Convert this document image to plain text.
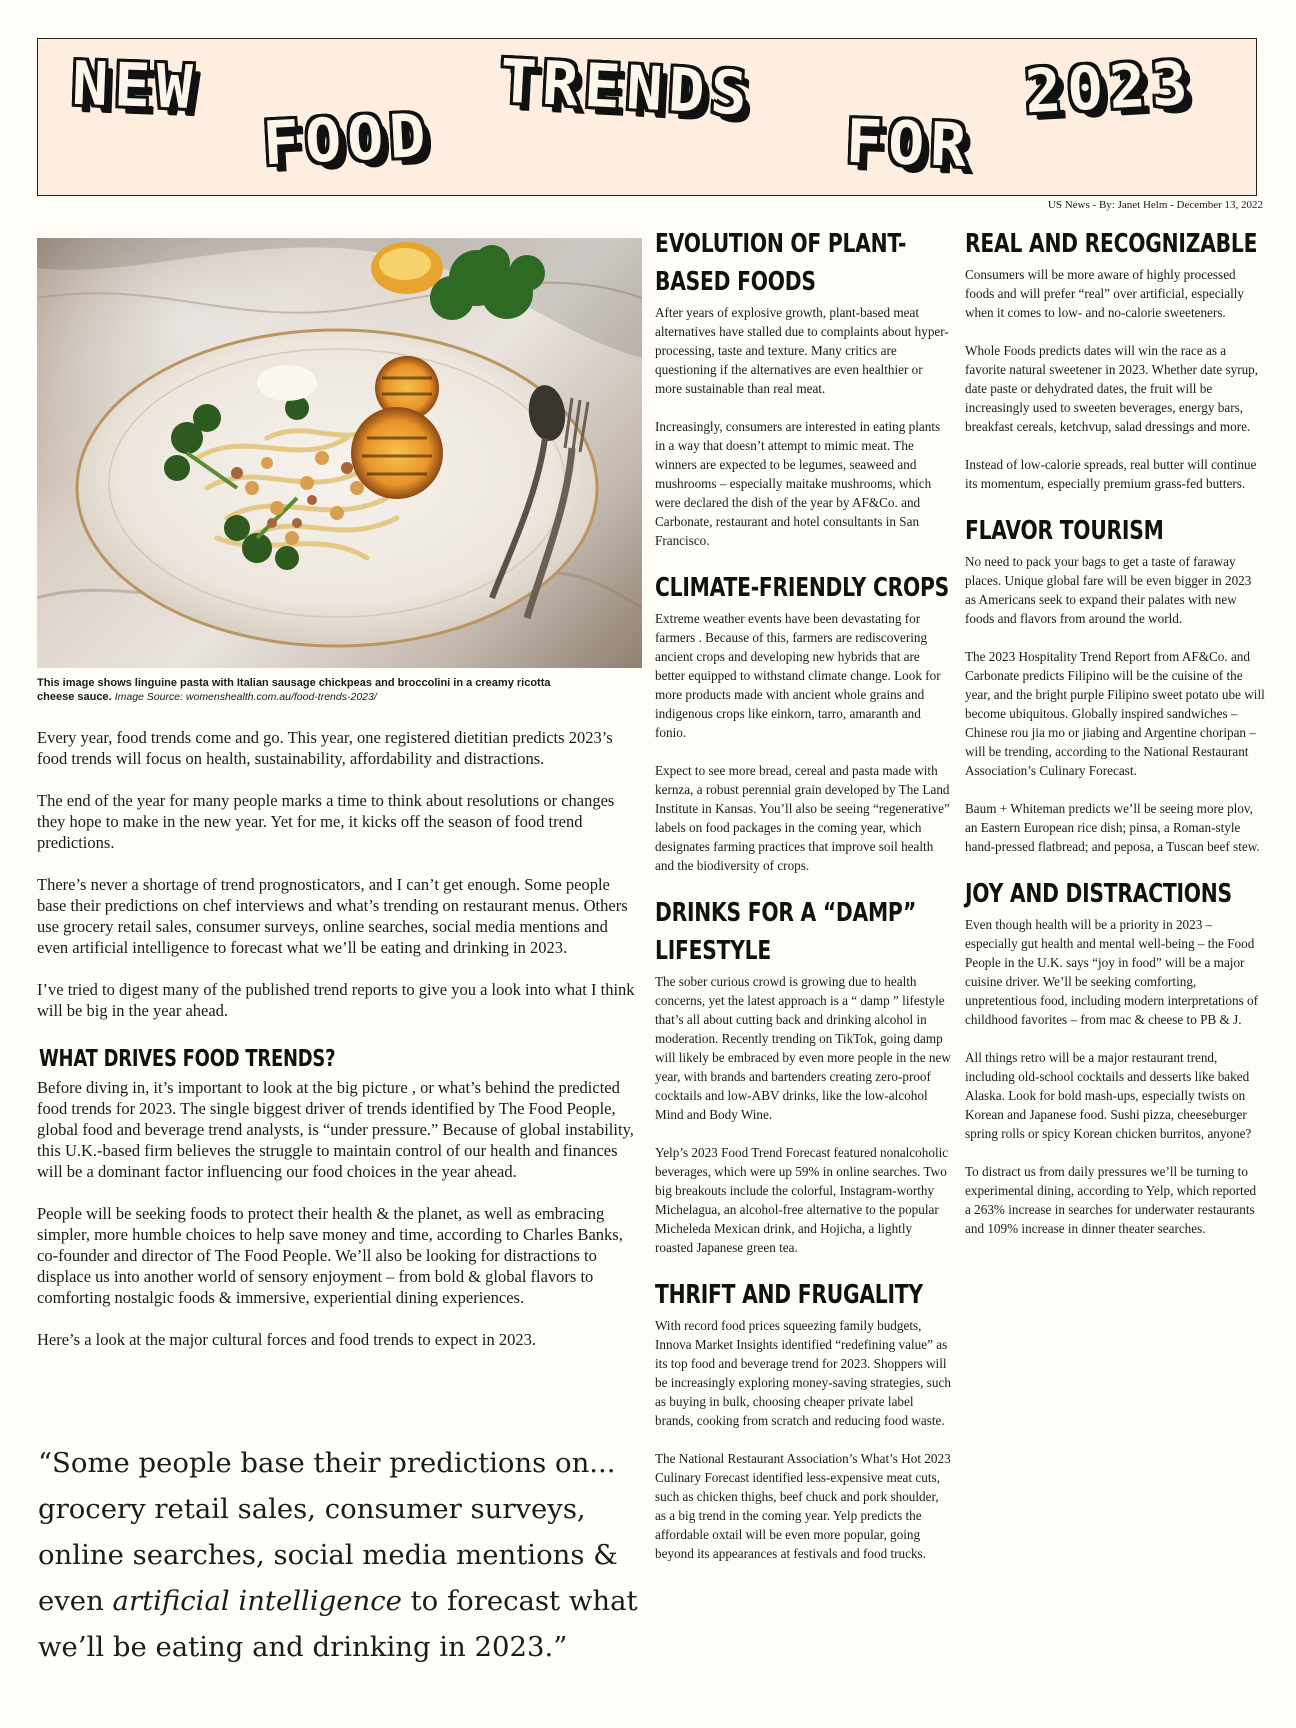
NEW
FOOD
TRENDS
FOR
2023
US News - By: Janet Helm - December 13, 2022
This image shows linguine pasta with Italian sausage chickpeas and broccolini in a creamy ricotta cheese sauce. Image Source: womenshealth.com.au/food-trends-2023/

Every year, food trends come and go. This year, one registered dietitian predicts 2023’s food trends will focus on health, sustainability, affordability and distractions.

The end of the year for many people marks a time to think about resolutions or changes they hope to make in the new year. Yet for me, it kicks off the season of food trend predictions.

There’s never a shortage of trend prognosticators, and I can’t get enough. Some people base their predictions on chef interviews and what’s trending on restaurant menus. Others use grocery retail sales, consumer surveys, online searches, social media mentions and even artificial intelligence to forecast what we’ll be eating and drinking in 2023.

I’ve tried to digest many of the published trend reports to give you a look into what I think will be big in the year ahead.

WHAT DRIVES FOOD TRENDS?

Before diving in, it’s important to look at the big picture , or what’s behind the predicted food trends for 2023. The single biggest driver of trends identified by The Food People, global food and beverage trend analysts, is “under pressure.” Because of global instability, this U.K.-based firm believes the struggle to maintain control of our health and finances will be a dominant factor influencing our food choices in the year ahead.

People will be seeking foods to protect their health & the planet, as well as embracing simpler, more humble choices to help save money and time, according to Charles Banks, co-founder and director of The Food People. We’ll also be looking for distractions to displace us into another world of sensory enjoyment – from bold & global flavors to comforting nostalgic foods & immersive, experiential dining experiences.

Here’s a look at the major cultural forces and food trends to expect in 2023.

“Some people base their predictions on... grocery retail sales, consumer surveys, online searches, social media mentions & even artificial intelligence to forecast what we’ll be eating and drinking in 2023.”
EVOLUTION OF PLANT-BASED FOODS

After years of explosive growth, plant-based meat alternatives have stalled due to complaints about hyper-processing, taste and texture. Many critics are questioning if the alternatives are even healthier or more sustainable than real meat.

Increasingly, consumers are interested in eating plants in a way that doesn’t attempt to mimic meat. The winners are expected to be legumes, seaweed and mushrooms – especially maitake mushrooms, which were declared the dish of the year by AF&Co. and Carbonate, restaurant and hotel consultants in San Francisco.

CLIMATE-FRIENDLY CROPS

Extreme weather events have been devastating for farmers . Because of this, farmers are rediscovering ancient crops and developing new hybrids that are better equipped to withstand climate change. Look for more products made with ancient whole grains and indigenous crops like einkorn, tarro, amaranth and fonio.

Expect to see more bread, cereal and pasta made with kernza, a robust perennial grain developed by The Land Institute in Kansas. You’ll also be seeing “regenerative” labels on food packages in the coming year, which designates farming practices that improve soil health and the biodiversity of crops.

DRINKS FOR A “DAMP” LIFESTYLE

The sober curious crowd is growing due to health concerns, yet the latest approach is a “ damp ” lifestyle that’s all about cutting back and drinking alcohol in moderation. Recently trending on TikTok, going damp will likely be embraced by even more people in the new year, with brands and bartenders creating zero-proof cocktails and low-ABV drinks, like the low-alcohol Mind and Body Wine.

Yelp’s 2023 Food Trend Forecast featured nonalcoholic beverages, which were up 59% in online searches. Two big breakouts include the colorful, Instagram-worthy Michelagua, an alcohol-free alternative to the popular Micheleda Mexican drink, and Hojicha, a lightly roasted Japanese green tea.

THRIFT AND FRUGALITY

With record food prices squeezing family budgets, Innova Market Insights identified “redefining value” as its top food and beverage trend for 2023. Shoppers will be increasingly exploring money-saving strategies, such as buying in bulk, choosing cheaper private label brands, cooking from scratch and reducing food waste.

The National Restaurant Association’s What’s Hot 2023 Culinary Forecast identified less-expensive meat cuts, such as chicken thighs, beef chuck and pork shoulder, as a big trend in the coming year. Yelp predicts the affordable oxtail will be even more popular, going beyond its appearances at festivals and food trucks.

REAL AND RECOGNIZABLE

Consumers will be more aware of highly processed foods and will prefer “real” over artificial, especially when it comes to low- and no-calorie sweeteners.

Whole Foods predicts dates will win the race as a favorite natural sweetener in 2023. Whether date syrup, date paste or dehydrated dates, the fruit will be increasingly used to sweeten beverages, energy bars, breakfast cereals, ketchvup, salad dressings and more.

Instead of low-calorie spreads, real butter will continue its momentum, especially premium grass-fed butters.

FLAVOR TOURISM

No need to pack your bags to get a taste of faraway places. Unique global fare will be even bigger in 2023 as Americans seek to expand their palates with new foods and flavors from around the world.

The 2023 Hospitality Trend Report from AF&Co. and Carbonate predicts Filipino will be the cuisine of the year, and the bright purple Filipino sweet potato ube will become ubiquitous. Globally inspired sandwiches – Chinese rou jia mo or jiabing and Argentine choripan – will be trending, according to the National Restaurant Association’s Culinary Forecast.

Baum + Whiteman predicts we’ll be seeing more plov, an Eastern European rice dish; pinsa, a Roman-style hand-pressed flatbread; and peposa, a Tuscan beef stew.

JOY AND DISTRACTIONS

Even though health will be a priority in 2023 – especially gut health and mental well-being – the Food People in the U.K. says “joy in food” will be a major cuisine driver. We’ll be seeking comforting, unpretentious food, including modern interpretations of childhood favorites – from mac & cheese to PB & J.

All things retro will be a major restaurant trend, including old-school cocktails and desserts like baked Alaska. Look for bold mash-ups, especially twists on Korean and Japanese food. Sushi pizza, cheeseburger spring rolls or spicy Korean chicken burritos, anyone?

To distract us from daily pressures we’ll be turning to experimental dining, according to Yelp, which reported a 263% increase in searches for underwater restaurants and 109% increase in dinner theater searches.
